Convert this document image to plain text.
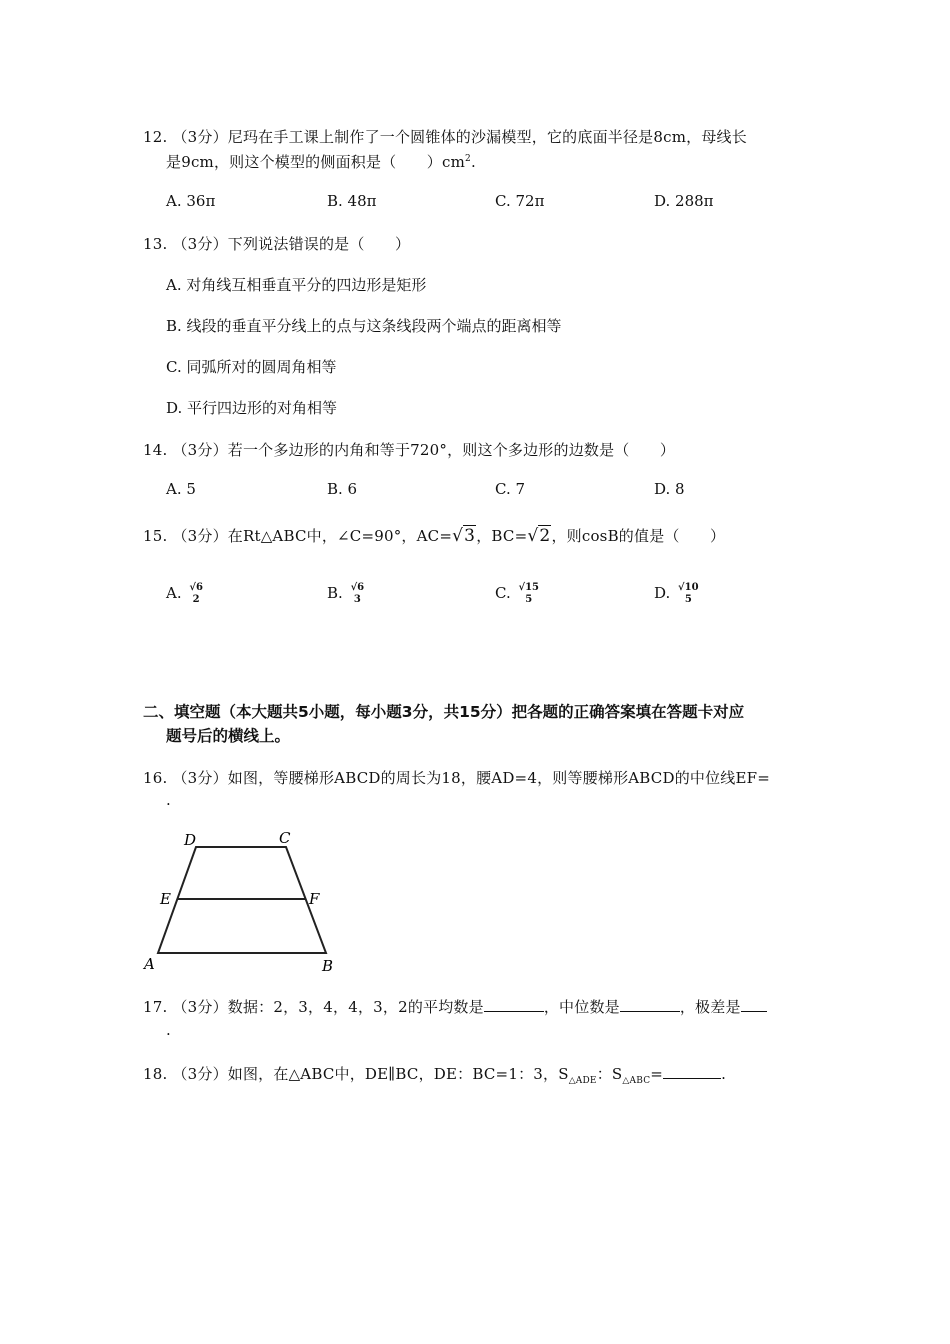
12. （3分）尼玛在手工课上制作了一个圆锥体的沙漏模型，它的底面半径是8cm，母线长
是9cm，则这个模型的侧面积是（　　）$cm^2$.
A. 36π	B. 48π	C. 72π	D. 288π
13. （3分）下列说法错误的是（　　）
A. 对角线互相垂直平分的四边形是矩形
B. 线段的垂直平分线上的点与这条线段两个端点的距离相等
C. 同弧所对的圆周角相等
D. 平行四边形的对角相等
14. （3分）若一个多边形的内角和等于720°，则这个多边形的边数是（　　）
A. 5	B. 6	C. 7	D. 8
15. （3分）在Rt△ABC中，∠C=90°，AC=√3，BC=√2，则cosB的值是（　　）
A. √6
2	B. √6
3	C. √15
5	D. √10
5
二、填空题（本大题共5小题，每小题3分，共15分）把各题的正确答案填在答题卡对应
题号后的横线上。
16. （3分）如图，等腰梯形ABCD的周长为18，腰AD=4，则等腰梯形ABCD的中位线EF=
.
D	C
E	F
A	B
17. （3分）数据：2，3，4，4，3，2的平均数是	，中位数是	，极差是
.
18. （3分）如图，在△ABC中，DE∥BC，DE：BC=1：3，$S_{\triangle ADE}$：$S_{\triangle ABC}=$	.
